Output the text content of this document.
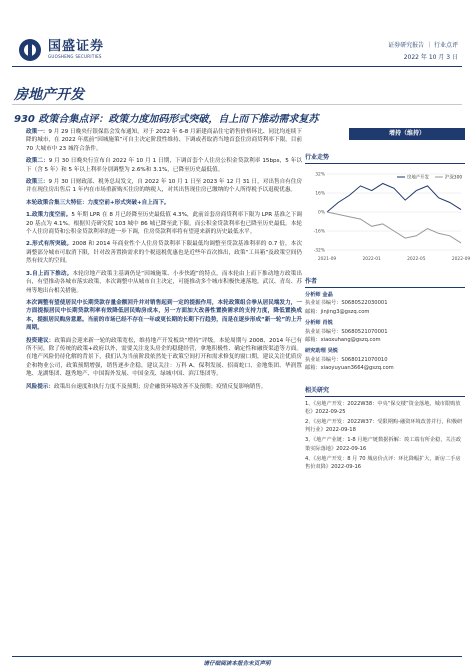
国盛证券
GUOSHENG SECURITIES
证券研究报告 ｜ 行业点评
2022 年 10 月 3 日
房地产开发
930 政策合集点评：政策力度加码形式突破，自上而下推动需求复苏

政策一：9 月 29 日晚央行银保监会发布通知，对于 2022 年 6-8 月新建商品住宅销售价格环比、同比均连续下降的城市，在 2022 年底前“因城施策”可自主决定阶段性维持、下调或者取消当地首套住房商贷利率下限。目前 70 大城市中 23 城符合条件。

政策二：9 月 30 日晚央行宣布自 2022 年 10 月 1 日期，下调首套个人住房公积金贷款利率 15bps，5 年以下（含 5 年）和 5 年以上利率分别调整为 2.6%和 3.1%，已降至历史最低值。

政策三：9 月 30 日财政部、税务总局发文，自 2022 年 10 月 1 日至 2023 年 12 月 31 日，对出售自有住房并在现住房出售后 1 年内在市场重新购买住房的纳税人，对其出售现住房已缴纳的个人所得税予以退税优惠。

本轮政策合集三大特征：力度空前+形式突破+自上而下。

1.政策力度空前。5 年期 LPR 在 8 月已经降至历史最低值 4.3%，此前首套房商贷利率下限为 LPR 基准之下调 20 基点为 4.1%。根据贝壳研究院 103 城中 86 城已降至此下限，而公积金贷款利率也已降至历史最低。本轮个人住房商贷和公积金贷款利率的进一步下调，住房贷款利率将有望迎来新的历史最低水平。

2.形式有所突破。2008 和 2014 年商业性个人住房贷款利率下限最低均调整至贷款基准利率的 0.7 倍，本次调整部分城市可取消下限，针对改善置换需求的个税退税优惠也是近些年首次推出，政策“工具箱”及政策空间仍然有较大的空间。

3.自上而下推动。本轮房地产政策主基调仍是“因城施策、小步快跑”的特点，而本轮由上而下推动地方政策出台，有望推动各城市落实政策，本次调整中从城市自主决定，可能推动多个城市积极快速落地，武汉、青岛、苏州等地出台相关措施。

本次调整有望使居民中长期贷款存量金额回升并对销售起到一定的提振作用，本轮政策组合拳从居民端发力，一方面提振居民中长期贷款利率有效降低居民购房成本，另一方面加大改善性置换需求的支持力度，降低置换成本，提振居民购房意愿。当前的市场已经不存在一年或更长期的长期下行趋势，而是在逐步形成“新一轮”的上升周期。

投资建议：政策面会迎来新一轮的政策宽松，维持地产开发板块“增持”评级。本轮周期与 2008、2014 年已有所不同，除了传统的政策+政府以外，需要关注龙头房企的稳健经营，拿地积极性、确定性和融资渠道等方面。在地产风险仍待化解的背景下，我们认为当前阶段依然处于政策空间打开和需求修复的窗口期，建议关注优质房企和物业公司，政策预期增强，销售逐步企稳，建议关注：万科 A、保利发展、招商蛇口、金地集团、华润置地、龙湖集团、越秀地产、中国海外发展、中国金茂、绿城中国、滨江集团等。

风险提示：政策出台速度和执行力度不及预期；房企融资环境改善不及预期；疫情反复影响销售。

增持（维持）
行业走势
32%
16%
0%
-16%
-32%
2021-09	2022-01	2022-05	2022-09
房地产开发	沪深300
作者
分析师 金晶
执业证书编号：S0680522030001
邮箱：jinjing3@gszq.com
分析师 肖锐
执业证书编号：S0680521070001
邮箱：xiaoxuhang@gszq.com
研究助理 吴锐
执业证书编号：S0680121070010
邮箱：xiaoyuyuan3664@gszq.com
相关研究
1、《房地产开发：2022W38：中央“保交楼”资金落地，城市限购放松》2022-09-25
2、《房地产开发：2022W37：受限期购-融资环境改善并行，积极研判行业》2022-09-18
3、《地产产业链：1-8 月地产链数据拆解：竣工端有所企稳，关注政策实际落地》2022-09-16
4、《房地产开发：8 月 70 城房价点评：环比降幅扩大，新房二手房售价双降》2022-09-16
请仔细阅读本报告末页声明
